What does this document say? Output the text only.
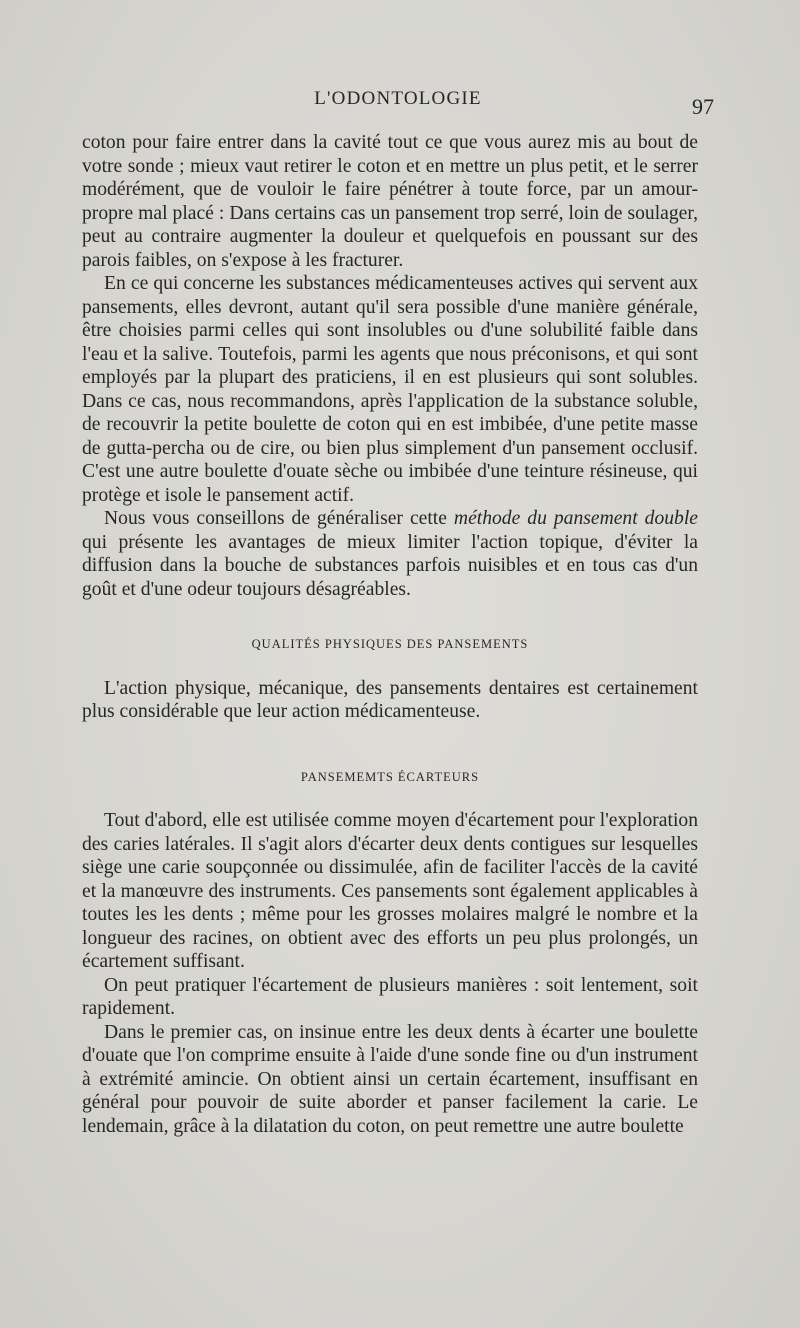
L'ODONTOLOGIE	97

coton pour faire entrer dans la cavité tout ce que vous aurez mis au bout de votre sonde ; mieux vaut retirer le coton et en mettre un plus petit, et le serrer modérément, que de vouloir le faire pénétrer à toute force, par un amour-propre mal placé : Dans certains cas un pansement trop serré, loin de soulager, peut au contraire augmenter la douleur et quelquefois en poussant sur des parois faibles, on s'expose à les fracturer.

En ce qui concerne les substances médicamenteuses actives qui servent aux pansements, elles devront, autant qu'il sera possible d'une manière générale, être choisies parmi celles qui sont insolubles ou d'une solubilité faible dans l'eau et la salive. Toutefois, parmi les agents que nous préconisons, et qui sont employés par la plupart des praticiens, il en est plusieurs qui sont solubles. Dans ce cas, nous recommandons, après l'application de la substance soluble, de recouvrir la petite boulette de coton qui en est imbibée, d'une petite masse de gutta-percha ou de cire, ou bien plus simplement d'un pansement occlusif. C'est une autre boulette d'ouate sèche ou imbibée d'une teinture résineuse, qui protège et isole le pansement actif.

Nous vous conseillons de généraliser cette méthode du pansement double qui présente les avantages de mieux limiter l'action topique, d'éviter la diffusion dans la bouche de substances parfois nuisibles et en tous cas d'un goût et d'une odeur toujours désagréables.

QUALITÉS PHYSIQUES DES PANSEMENTS

L'action physique, mécanique, des pansements dentaires est certainement plus considérable que leur action médicamenteuse.

PANSEMEMTS ÉCARTEURS

Tout d'abord, elle est utilisée comme moyen d'écartement pour l'exploration des caries latérales. Il s'agit alors d'écarter deux dents contigues sur lesquelles siège une carie soupçonnée ou dissimulée, afin de faciliter l'accès de la cavité et la manœuvre des instruments. Ces pansements sont également applicables à toutes les les dents ; même pour les grosses molaires malgré le nombre et la longueur des racines, on obtient avec des efforts un peu plus prolongés, un écartement suffisant.

On peut pratiquer l'écartement de plusieurs manières : soit lentement, soit rapidement.

Dans le premier cas, on insinue entre les deux dents à écarter une boulette d'ouate que l'on comprime ensuite à l'aide d'une sonde fine ou d'un instrument à extrémité amincie. On obtient ainsi un certain écartement, insuffisant en général pour pouvoir de suite aborder et panser facilement la carie. Le lendemain, grâce à la dilatation du coton, on peut remettre une autre boulette
